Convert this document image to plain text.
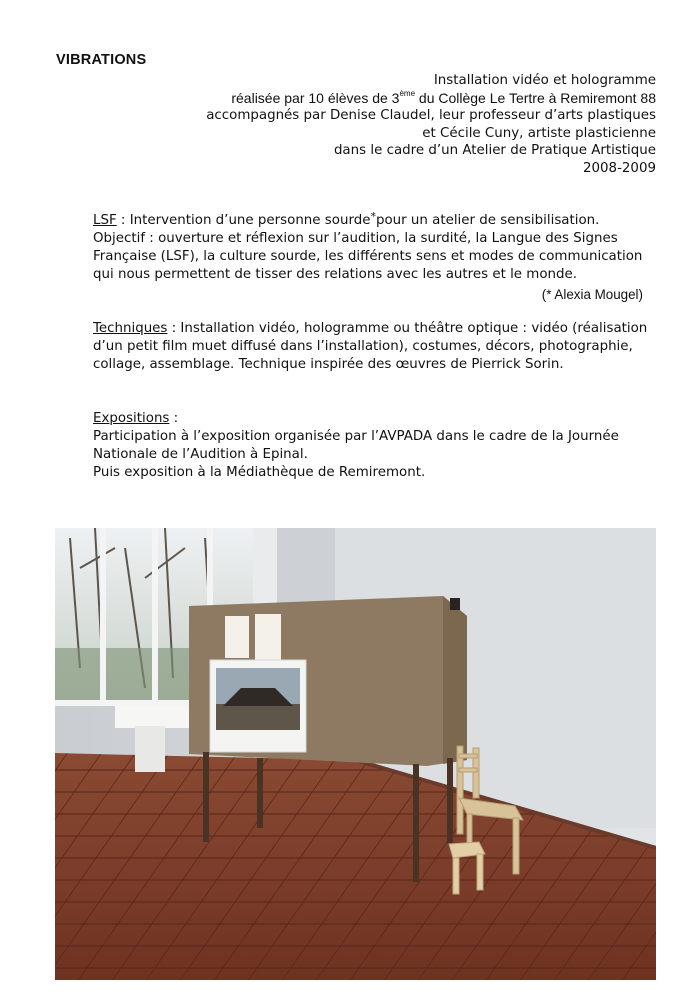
VIBRATIONS
Installation vidéo et hologramme
réalisée par 10 élèves de 3ème du Collège Le Tertre à Remiremont 88
accompagnés par Denise Claudel, leur professeur d’arts plastiques
et Cécile Cuny, artiste plasticienne
dans le cadre d’un Atelier de Pratique Artistique
2008-2009
LSF : Intervention d’une personne sourde*pour un atelier de sensibilisation.
Objectif : ouverture et réflexion sur l’audition, la surdité, la Langue des Signes Française (LSF), la culture sourde, les différents sens et modes de communication qui nous permettent de tisser des relations avec les autres et le monde.
(* Alexia Mougel)
Techniques : Installation vidéo, hologramme ou théâtre optique : vidéo (réalisation d’un petit film muet diffusé dans l’installation), costumes, décors, photographie, collage, assemblage. Technique inspirée des œuvres de Pierrick Sorin.
Expositions :
Participation à l’exposition organisée par l’AVPADA dans le cadre de la Journée Nationale de l’Audition à Epinal.
Puis exposition à la Médiathèque de Remiremont.
